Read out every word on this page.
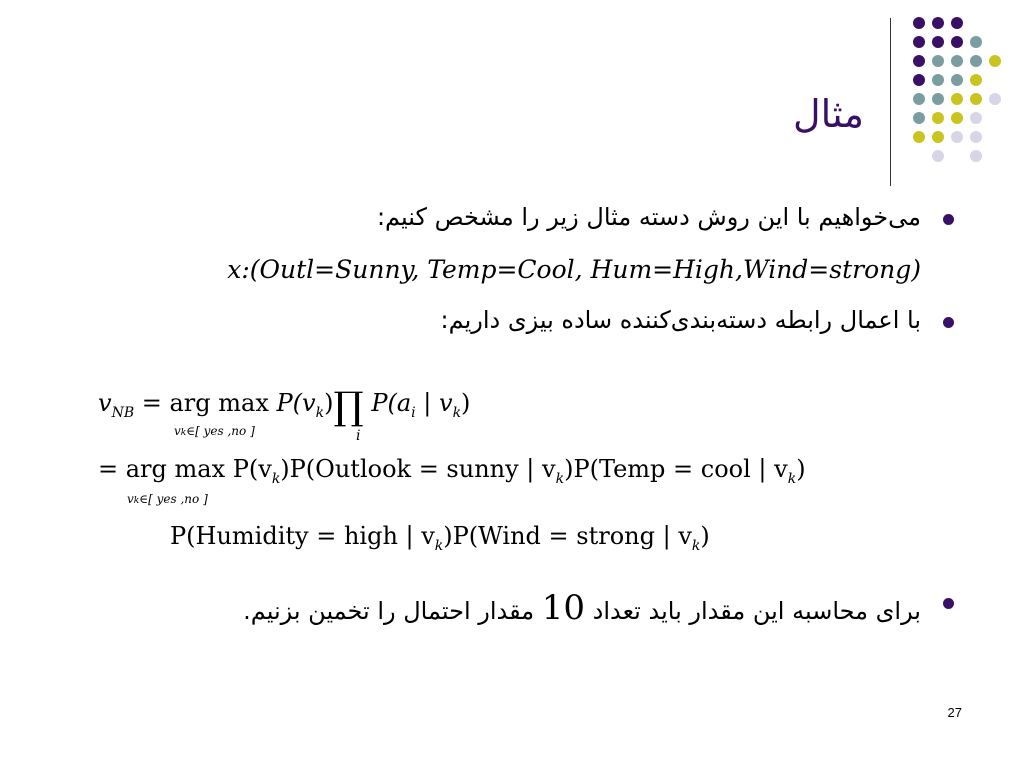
مثال
می‌خواهیم با این روش دسته مثال زیر را مشخص کنیم:
x:(Outl=Sunny, Temp=Cool, Hum=High,Wind=strong)
با اعمال رابطه دسته‌بندی‌کننده ساده بیزی داریم:
$v_{NB}$ = arg $\max P(v_k)\prod$ $P(a_i$ | $v_k$)
vk∈[ yes ,no ]	i
= arg $\max P(v_k)P(Outlook$ = sunny | $v_k)P(Temp$ = cool | $v_k$)
vk∈[ yes ,no ]
P(Humidity = high | $v_k)P(Wind$ = strong | $v_k$)
برای محاسبه این مقدار باید تعداد 10 مقدار احتمال را تخمین بزنیم.
27
